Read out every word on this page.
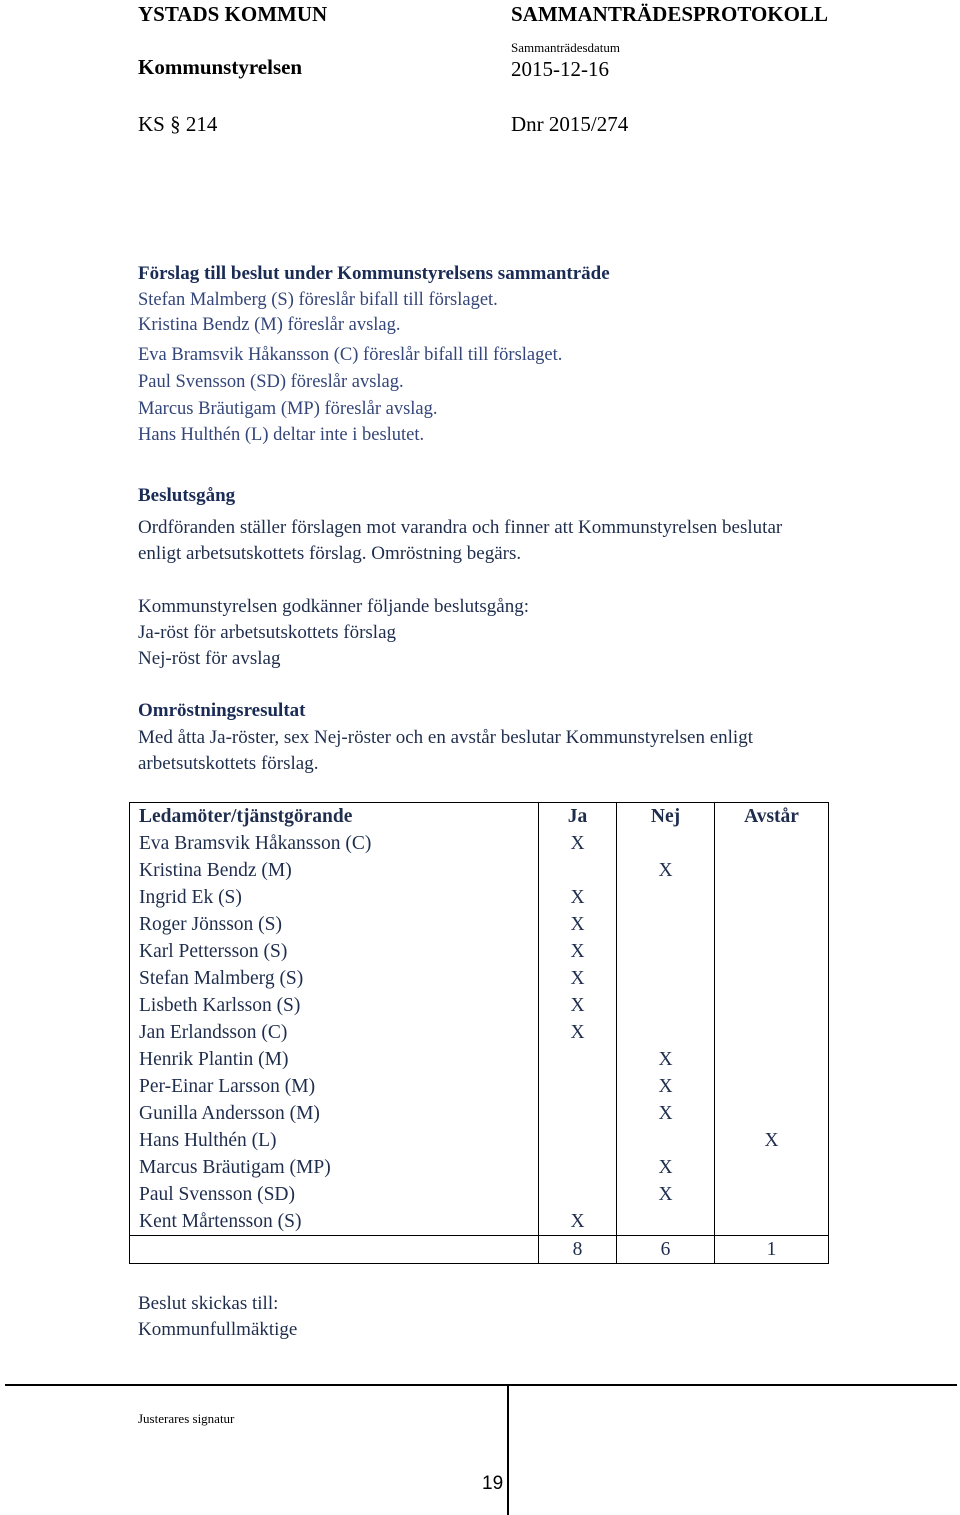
YSTADS KOMMUN	SAMMANTRÄDESPROTOKOLL
Kommunstyrelsen
Sammanträdesdatum
2015-12-16
KS § 214	Dnr 2015/274
Förslag till beslut under Kommunstyrelsens sammanträde
Stefan Malmberg (S) föreslår bifall till förslaget.
Kristina Bendz (M) föreslår avslag.
Eva Bramsvik Håkansson (C) föreslår bifall till förslaget.
Paul Svensson (SD) föreslår avslag.
Marcus Bräutigam (MP) föreslår avslag.
Hans Hulthén (L) deltar inte i beslutet.
Beslutsgång
Ordföranden ställer förslagen mot varandra och finner att Kommunstyrelsen beslutar
enligt arbetsutskottets förslag. Omröstning begärs.
Kommunstyrelsen godkänner följande beslutsgång:
Ja-röst för arbetsutskottets förslag
Nej-röst för avslag
Omröstningsresultat
Med åtta Ja-röster, sex Nej-röster och en avstår beslutar Kommunstyrelsen enligt
arbetsutskottets förslag.
Ledamöter/tjänstgörande	Ja	Nej	Avstår
Eva Bramsvik Håkansson (C)	X		
Kristina Bendz (M)		X	
Ingrid Ek (S)	X		
Roger Jönsson (S)	X		
Karl Pettersson (S)	X		
Stefan Malmberg (S)	X		
Lisbeth Karlsson (S)	X		
Jan Erlandsson (C)	X		
Henrik Plantin (M)		X	
Per-Einar Larsson (M)		X	
Gunilla Andersson (M)		X	
Hans Hulthén (L)			X
Marcus Bräutigam (MP)		X	
Paul Svensson (SD)		X	
Kent Mårtensson (S)	X		
	8	6	1
Beslut skickas till:
Kommunfullmäktige
Justerares signatur
19
